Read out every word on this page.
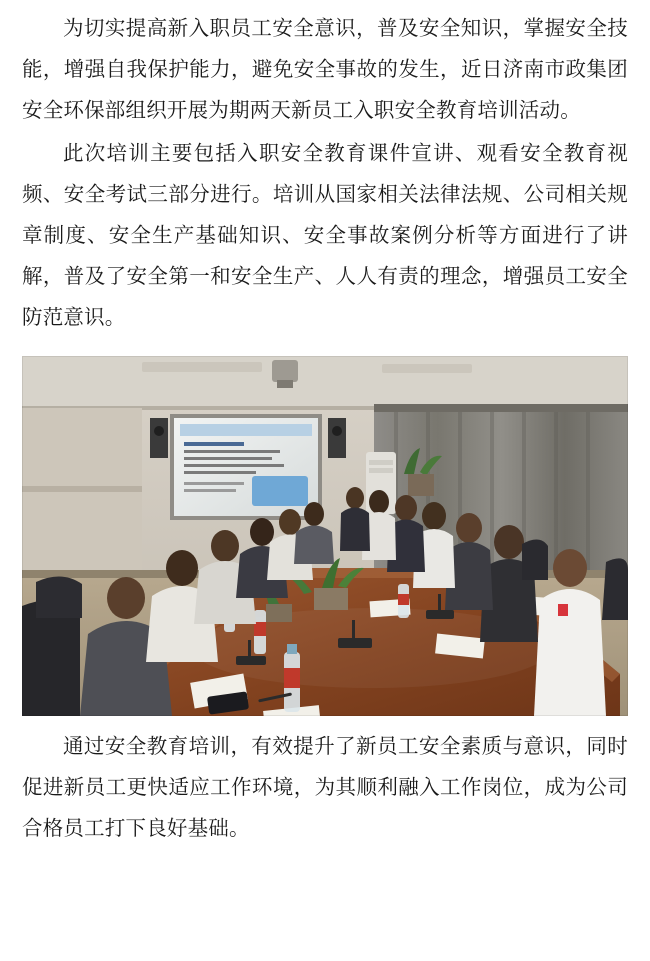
为切实提高新入职员工安全意识，普及安全知识，掌握安全技能，增强自我保护能力，避免安全事故的发生，近日济南市政集团安全环保部组织开展为期两天新员工入职安全教育培训活动。

此次培训主要包括入职安全教育课件宣讲、观看安全教育视频、安全考试三部分进行。培训从国家相关法律法规、公司相关规章制度、安全生产基础知识、安全事故案例分析等方面进行了讲解，普及了安全第一和安全生产、人人有责的理念，增强员工安全防范意识。

通过安全教育培训，有效提升了新员工安全素质与意识，同时促进新员工更快适应工作环境，为其顺利融入工作岗位，成为公司合格员工打下良好基础。
